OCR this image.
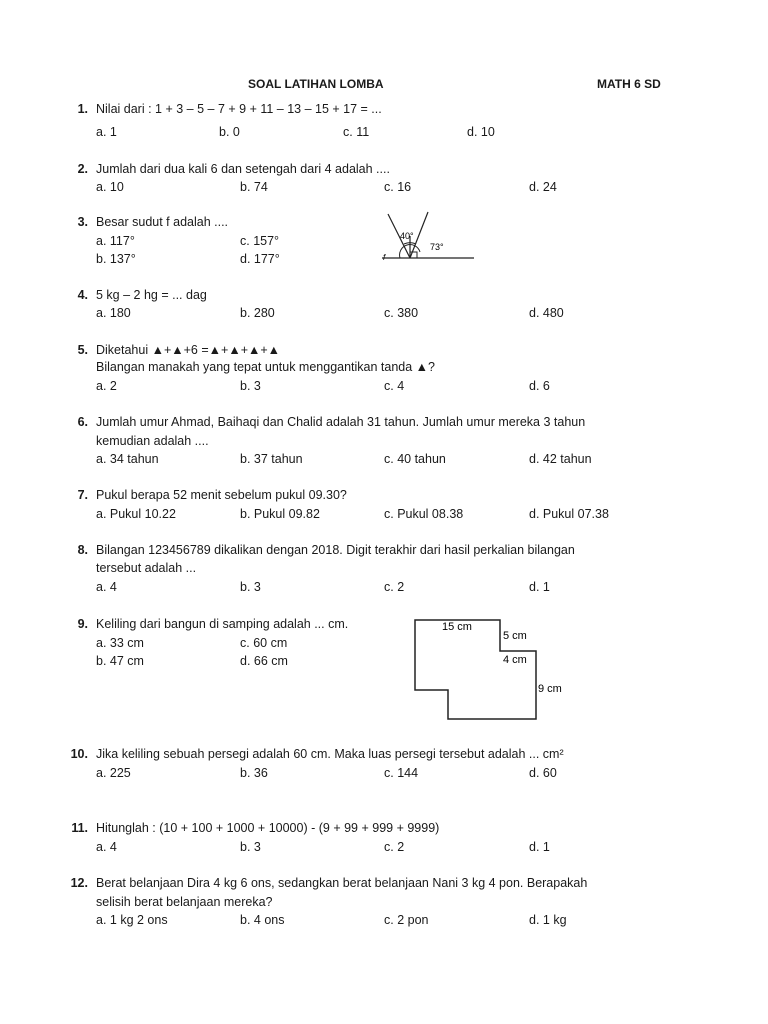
SOAL LATIHAN LOMBA	MATH 6 SD
1. Nilai dari : 1 + 3 – 5 – 7 + 9 + 11 – 13 – 15 + 17 = ...
a. 1	b. 0	c. 11	d. 10
2. Jumlah dari dua kali 6 dan setengah dari 4 adalah ....
a. 10	b. 74	c. 16	d. 24
3. Besar sudut f adalah ....
a. 117°	c. 157°
b. 137°	d. 177°
40°
73°
f
4. 5 kg – 2 hg = ... dag
a. 180	b. 280	c. 380	d. 480
5. Diketahui ▲+▲+6 =▲+▲+▲+▲
Bilangan manakah yang tepat untuk menggantikan tanda ▲?
a. 2	b. 3	c. 4	d. 6
6. Jumlah umur Ahmad, Baihaqi dan Chalid adalah 31 tahun. Jumlah umur mereka 3 tahun
kemudian adalah ....
a. 34 tahun	b. 37 tahun	c. 40 tahun	d. 42 tahun
7. Pukul berapa 52 menit sebelum pukul 09.30?
a. Pukul 10.22	b. Pukul 09.82	c. Pukul 08.38	d. Pukul 07.38
8. Bilangan 123456789 dikalikan dengan 2018. Digit terakhir dari hasil perkalian bilangan
tersebut adalah ...
a. 4	b. 3	c. 2	d. 1
9. Keliling dari bangun di samping adalah ... cm.
a. 33 cm	c. 60 cm
b. 47 cm	d. 66 cm
15 cm
5 cm
4 cm
9 cm
10. Jika keliling sebuah persegi adalah 60 cm. Maka luas persegi tersebut adalah ... cm²
a. 225	b. 36	c. 144	d. 60
11. Hitunglah : (10 + 100 + 1000 + 10000) - (9 + 99 + 999 + 9999)
a. 4	b. 3	c. 2	d. 1
12. Berat belanjaan Dira 4 kg 6 ons, sedangkan berat belanjaan Nani 3 kg 4 pon. Berapakah
selisih berat belanjaan mereka?
a. 1 kg 2 ons	b. 4 ons	c. 2 pon	d. 1 kg
